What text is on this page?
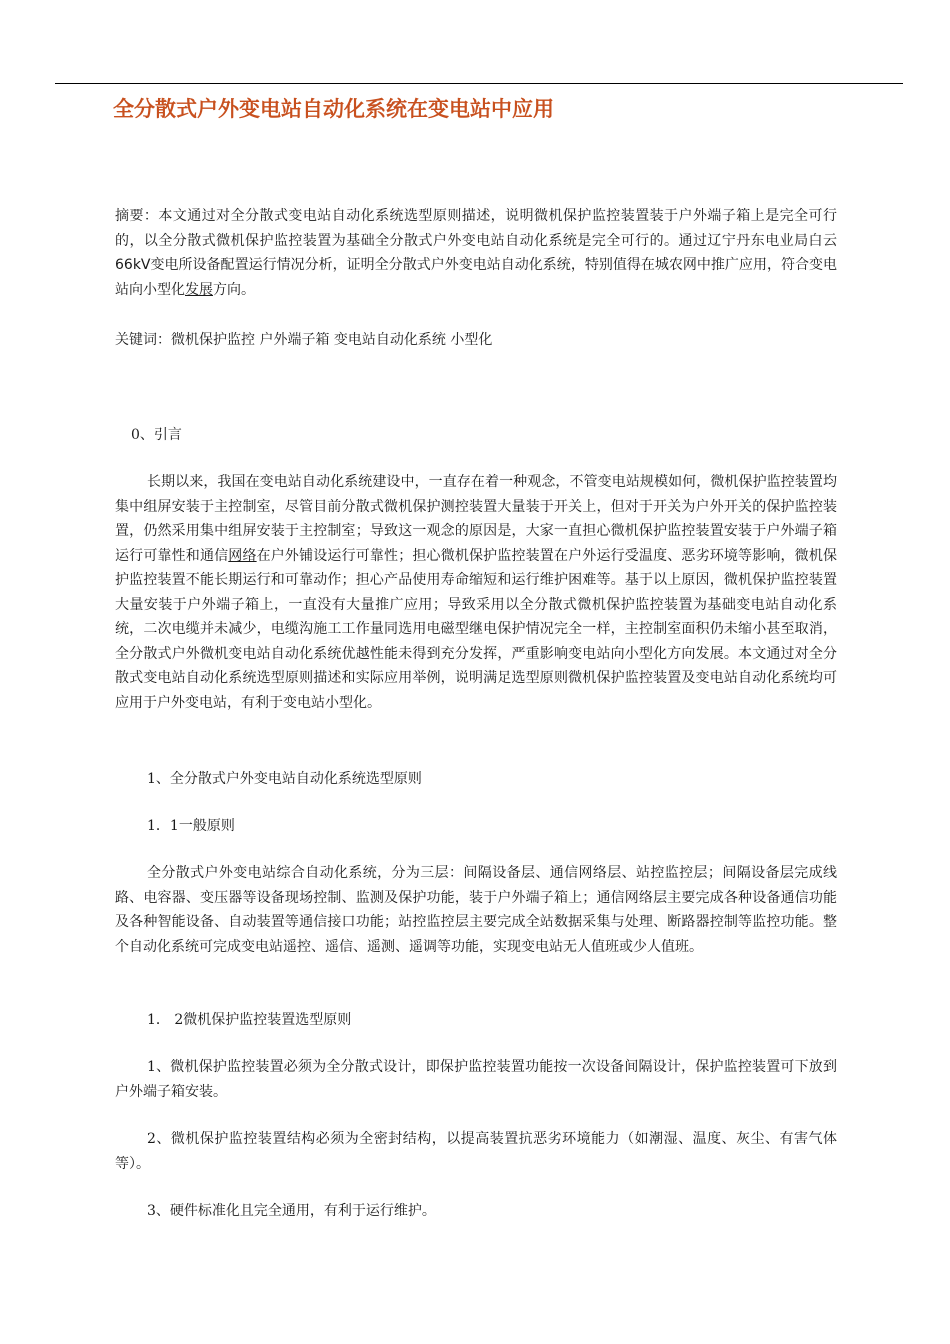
全分散式户外变电站自动化系统在变电站中应用

摘要：本文通过对全分散式变电站自动化系统选型原则描述，说明微机保护监控装置装于户外端子箱上是完全可行的，以全分散式微机保护监控装置为基础全分散式户外变电站自动化系统是完全可行的。通过辽宁丹东电业局白云66kV变电所设备配置运行情况分析，证明全分散式户外变电站自动化系统，特别值得在城农网中推广应用，符合变电站向小型化发展方向。

关键词：微机保护监控 户外端子箱 变电站自动化系统 小型化

0、引言

长期以来，我国在变电站自动化系统建设中，一直存在着一种观念，不管变电站规模如何，微机保护监控装置均集中组屏安装于主控制室，尽管目前分散式微机保护测控装置大量装于开关上，但对于开关为户外开关的保护监控装置，仍然采用集中组屏安装于主控制室；导致这一观念的原因是，大家一直担心微机保护监控装置安装于户外端子箱运行可靠性和通信网络在户外铺设运行可靠性；担心微机保护监控装置在户外运行受温度、恶劣环境等影响，微机保护监控装置不能长期运行和可靠动作；担心产品使用寿命缩短和运行维护困难等。基于以上原因，微机保护监控装置大量安装于户外端子箱上，一直没有大量推广应用；导致采用以全分散式微机保护监控装置为基础变电站自动化系统，二次电缆并未减少，电缆沟施工工作量同选用电磁型继电保护情况完全一样，主控制室面积仍未缩小甚至取消，全分散式户外微机变电站自动化系统优越性能未得到充分发挥，严重影响变电站向小型化方向发展。本文通过对全分散式变电站自动化系统选型原则描述和实际应用举例，说明满足选型原则微机保护监控装置及变电站自动化系统均可应用于户外变电站，有利于变电站小型化。

1、全分散式户外变电站自动化系统选型原则

1．1一般原则

全分散式户外变电站综合自动化系统，分为三层：间隔设备层、通信网络层、站控监控层；间隔设备层完成线路、电容器、变压器等设备现场控制、监测及保护功能，装于户外端子箱上；通信网络层主要完成各种设备通信功能及各种智能设备、自动装置等通信接口功能；站控监控层主要完成全站数据采集与处理、断路器控制等监控功能。整个自动化系统可完成变电站遥控、遥信、遥测、遥调等功能，实现变电站无人值班或少人值班。

1． 2微机保护监控装置选型原则

1、微机保护监控装置必须为全分散式设计，即保护监控装置功能按一次设备间隔设计，保护监控装置可下放到户外端子箱安装。

2、微机保护监控装置结构必须为全密封结构，以提高装置抗恶劣环境能力（如潮湿、温度、灰尘、有害气体等）。

3、硬件标准化且完全通用，有利于运行维护。
